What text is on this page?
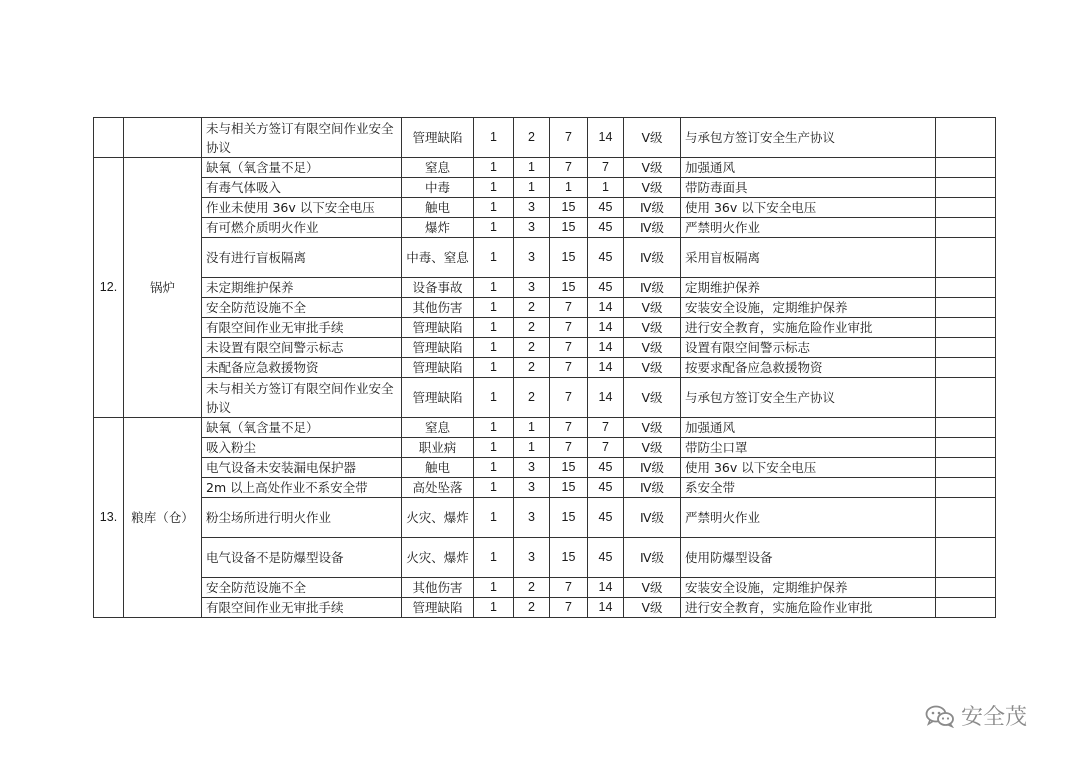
		未与相关方签订有限空间作业安全协议	管理缺陷	1	2	7	14	Ⅴ级	与承包方签订安全生产协议	
12.	锅炉	缺氧（氧含量不足）	窒息	1	1	7	7	Ⅴ级	加强通风	
		有毒气体吸入	中毒	1	1	1	1	Ⅴ级	带防毒面具	
		作业未使用 36v 以下安全电压	触电	1	3	15	45	Ⅳ级	使用 36v 以下安全电压	
		有可燃介质明火作业	爆炸	1	3	15	45	Ⅳ级	严禁明火作业	
		没有进行盲板隔离	中毒、窒息	1	3	15	45	Ⅳ级	采用盲板隔离	
		未定期维护保养	设备事故	1	3	15	45	Ⅳ级	定期维护保养	
		安全防范设施不全	其他伤害	1	2	7	14	Ⅴ级	安装安全设施，定期维护保养	
		有限空间作业无审批手续	管理缺陷	1	2	7	14	Ⅴ级	进行安全教育，实施危险作业审批	
		未设置有限空间警示标志	管理缺陷	1	2	7	14	Ⅴ级	设置有限空间警示标志	
		未配备应急救援物资	管理缺陷	1	2	7	14	Ⅴ级	按要求配备应急救援物资	
		未与相关方签订有限空间作业安全协议	管理缺陷	1	2	7	14	Ⅴ级	与承包方签订安全生产协议	
13.	粮库（仓）	缺氧（氧含量不足）	窒息	1	1	7	7	Ⅴ级	加强通风	
		吸入粉尘	职业病	1	1	7	7	Ⅴ级	带防尘口罩	
		电气设备未安装漏电保护器	触电	1	3	15	45	Ⅳ级	使用 36v 以下安全电压	
		2m 以上高处作业不系安全带	高处坠落	1	3	15	45	Ⅳ级	系安全带	
		粉尘场所进行明火作业	火灾、爆炸	1	3	15	45	Ⅳ级	严禁明火作业	
		电气设备不是防爆型设备	火灾、爆炸	1	3	15	45	Ⅳ级	使用防爆型设备	
		安全防范设施不全	其他伤害	1	2	7	14	Ⅴ级	安装安全设施，定期维护保养	
		有限空间作业无审批手续	管理缺陷	1	2	7	14	Ⅴ级	进行安全教育，实施危险作业审批	
安全茂
